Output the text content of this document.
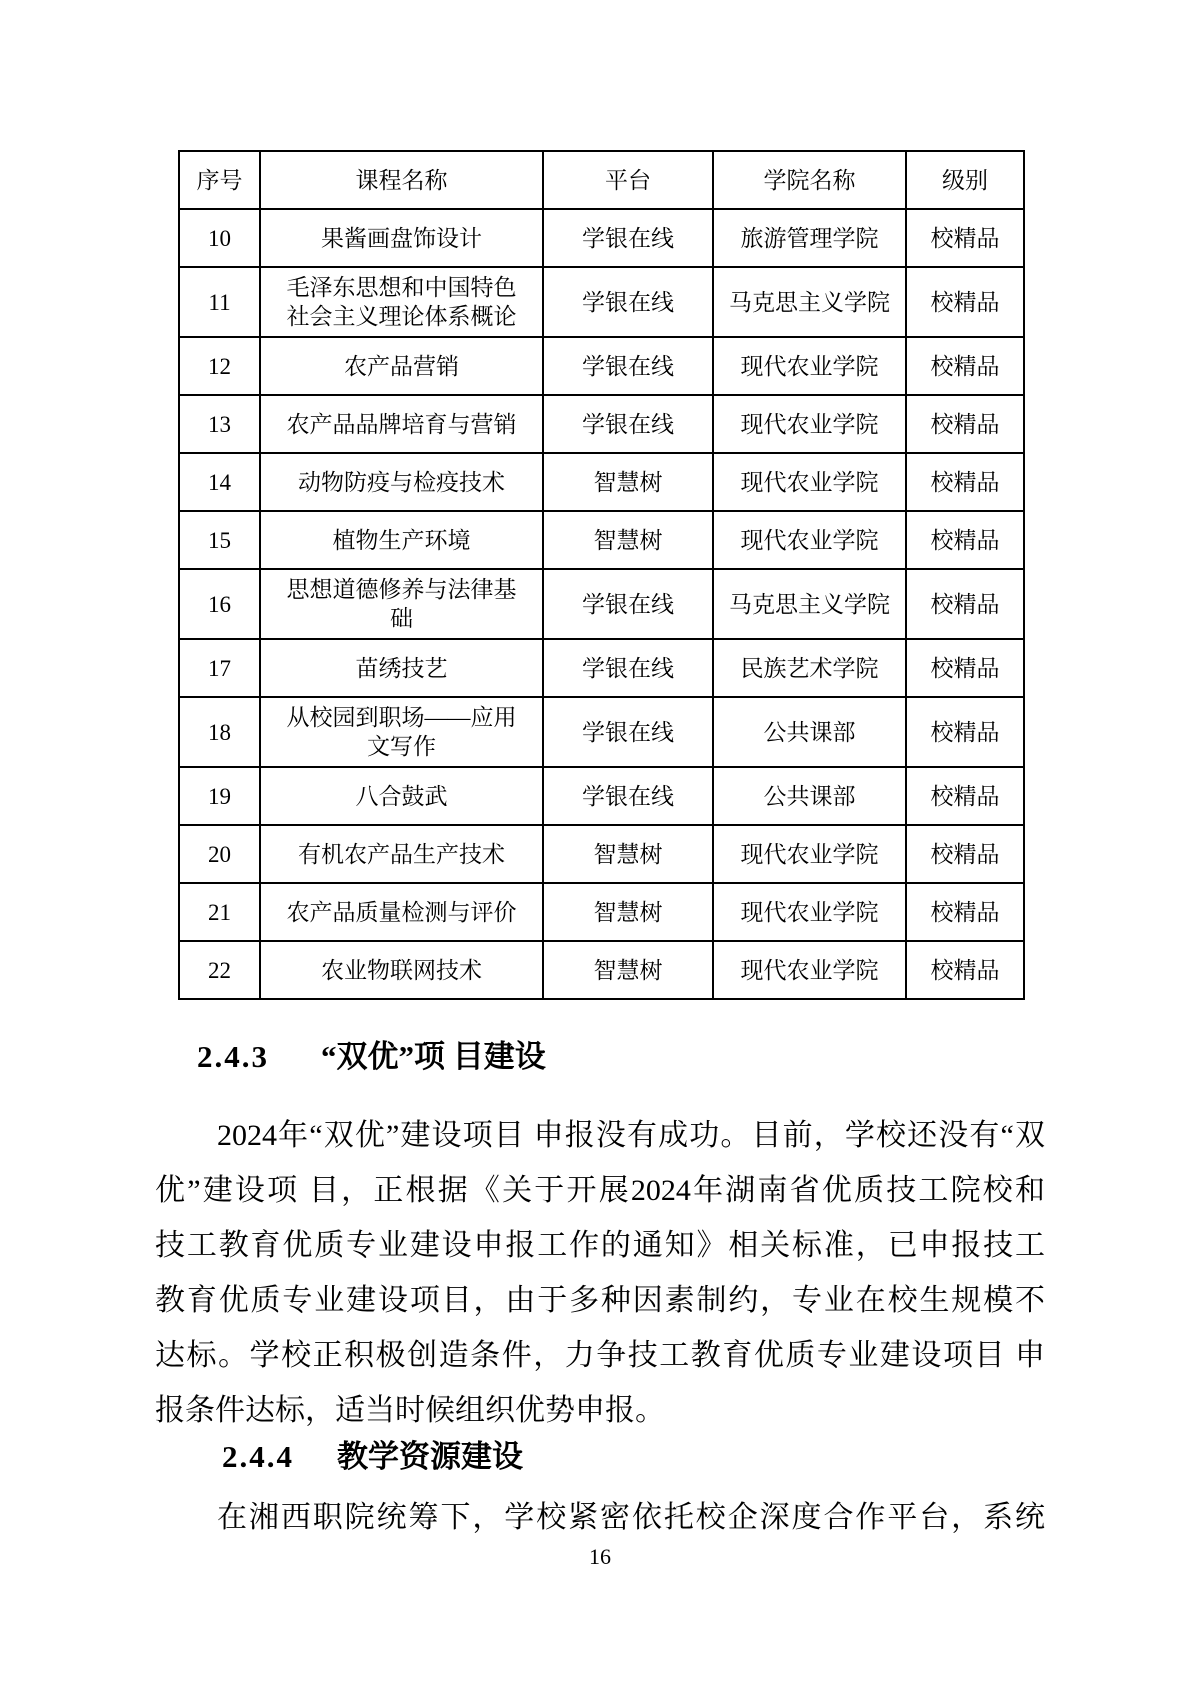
序号	课程名称	平台	学院名称	级别
10	果酱画盘饰设计	学银在线	旅游管理学院	校精品
11	毛泽东思想和中国特色社会主义理论体系概论	学银在线	马克思主义学院	校精品
12	农产品营销	学银在线	现代农业学院	校精品
13	农产品品牌培育与营销	学银在线	现代农业学院	校精品
14	动物防疫与检疫技术	智慧树	现代农业学院	校精品
15	植物生产环境	智慧树	现代农业学院	校精品
16	思想道德修养与法律基础	学银在线	马克思主义学院	校精品
17	苗绣技艺	学银在线	民族艺术学院	校精品
18	从校园到职场——应用文写作	学银在线	公共课部	校精品
19	八合鼓武	学银在线	公共课部	校精品
20	有机农产品生产技术	智慧树	现代农业学院	校精品
21	农产品质量检测与评价	智慧树	现代农业学院	校精品
22	农业物联网技术	智慧树	现代农业学院	校精品
2.4.3 “双优”项 目建设
2024年“双优”建设项目 申报没有成功。目前，学校还没有“双
优”建设项 目，正根据《关于开展2024年湖南省优质技工院校和
技工教育优质专业建设申报工作的通知》相关标准，已申报技工
教育优质专业建设项目，由于多种因素制约，专业在校生规模不
达标。学校正积极创造条件，力争技工教育优质专业建设项目 申
报条件达标，适当时候组织优势申报。
2.4.4 教学资源建设
在湘西职院统筹下，学校紧密依托校企深度合作平台，系统
16
